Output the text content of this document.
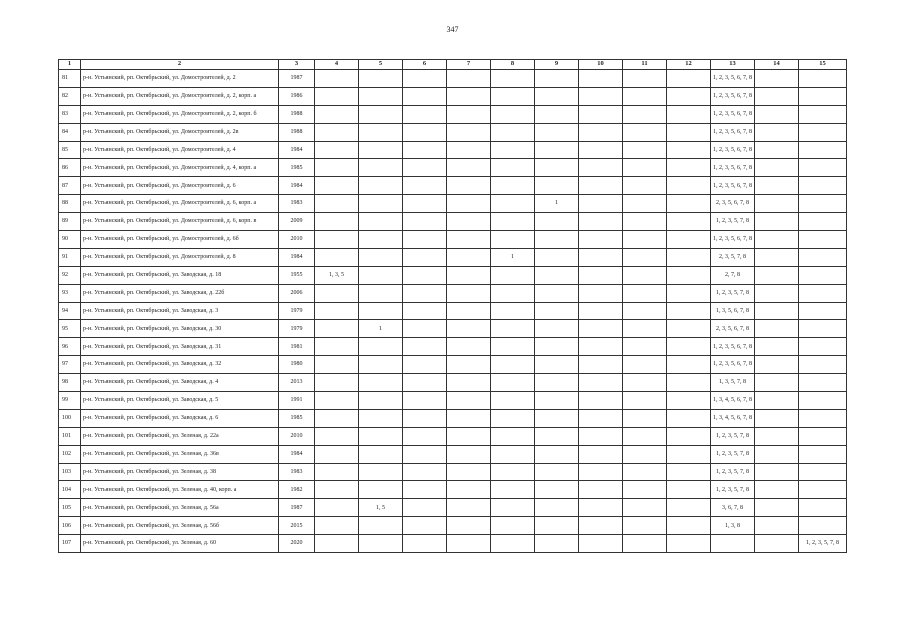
347
1	2	3	4	5	6	7	8	9	10	11	12	13	14	15
81	р-н. Устьянский, рп. Октябрьский, ул. Домостроителей, д. 2	1987										1, 2, 3, 5, 6, 7, 8		
82	р-н. Устьянский, рп. Октябрьский, ул. Домостроителей, д. 2, корп. а	1986										1, 2, 3, 5, 6, 7, 8		
83	р-н. Устьянский, рп. Октябрьский, ул. Домостроителей, д. 2, корп. б	1988										1, 2, 3, 5, 6, 7, 8		
84	р-н. Устьянский, рп. Октябрьский, ул. Домостроителей, д. 2в	1988										1, 2, 3, 5, 6, 7, 8		
85	р-н. Устьянский, рп. Октябрьский, ул. Домостроителей, д. 4	1984										1, 2, 3, 5, 6, 7, 8		
86	р-н. Устьянский, рп. Октябрьский, ул. Домостроителей, д. 4, корп. а	1985										1, 2, 3, 5, 6, 7, 8		
87	р-н. Устьянский, рп. Октябрьский, ул. Домостроителей, д. 6	1984										1, 2, 3, 5, 6, 7, 8		
88	р-н. Устьянский, рп. Октябрьский, ул. Домостроителей, д. 6, корп. а	1983						1				2, 3, 5, 6, 7, 8		
89	р-н. Устьянский, рп. Октябрьский, ул. Домостроителей, д. 6, корп. в	2009										1, 2, 3, 5, 7, 8		
90	р-н. Устьянский, рп. Октябрьский, ул. Домостроителей, д. 6б	2010										1, 2, 3, 5, 6, 7, 8		
91	р-н. Устьянский, рп. Октябрьский, ул. Домостроителей, д. 8	1984					1					2, 3, 5, 7, 8		
92	р-н. Устьянский, рп. Октябрьский, ул. Заводская, д. 18	1955	1, 3, 5									2, 7, 8		
93	р-н. Устьянский, рп. Октябрьский, ул. Заводская, д. 22б	2006										1, 2, 3, 5, 7, 8		
94	р-н. Устьянский, рп. Октябрьский, ул. Заводская, д. 3	1979										1, 3, 5, 6, 7, 8		
95	р-н. Устьянский, рп. Октябрьский, ул. Заводская, д. 30	1979		1								2, 3, 5, 6, 7, 8		
96	р-н. Устьянский, рп. Октябрьский, ул. Заводская, д. 31	1981										1, 2, 3, 5, 6, 7, 8		
97	р-н. Устьянский, рп. Октябрьский, ул. Заводская, д. 32	1980										1, 2, 3, 5, 6, 7, 8		
98	р-н. Устьянский, рп. Октябрьский, ул. Заводская, д. 4	2013										1, 3, 5, 7, 8		
99	р-н. Устьянский, рп. Октябрьский, ул. Заводская, д. 5	1991										1, 3, 4, 5, 6, 7, 8		
100	р-н. Устьянский, рп. Октябрьский, ул. Заводская, д. 6	1985										1, 3, 4, 5, 6, 7, 8		
101	р-н. Устьянский, рп. Октябрьский, ул. Зеленая, д. 22а	2010										1, 2, 3, 5, 7, 8		
102	р-н. Устьянский, рп. Октябрьский, ул. Зеленая, д. 36в	1984										1, 2, 3, 5, 7, 8		
103	р-н. Устьянский, рп. Октябрьский, ул. Зеленая, д. 38	1983										1, 2, 3, 5, 7, 8		
104	р-н. Устьянский, рп. Октябрьский, ул. Зеленая, д. 40, корп. а	1982										1, 2, 3, 5, 7, 8		
105	р-н. Устьянский, рп. Октябрьский, ул. Зеленая, д. 56а	1987		1, 5								3, 6, 7, 8		
106	р-н. Устьянский, рп. Октябрьский, ул. Зеленая, д. 56б	2015										1, 3, 8		
107	р-н. Устьянский, рп. Октябрьский, ул. Зеленая, д. 60	2020												1, 2, 3, 5, 7, 8
